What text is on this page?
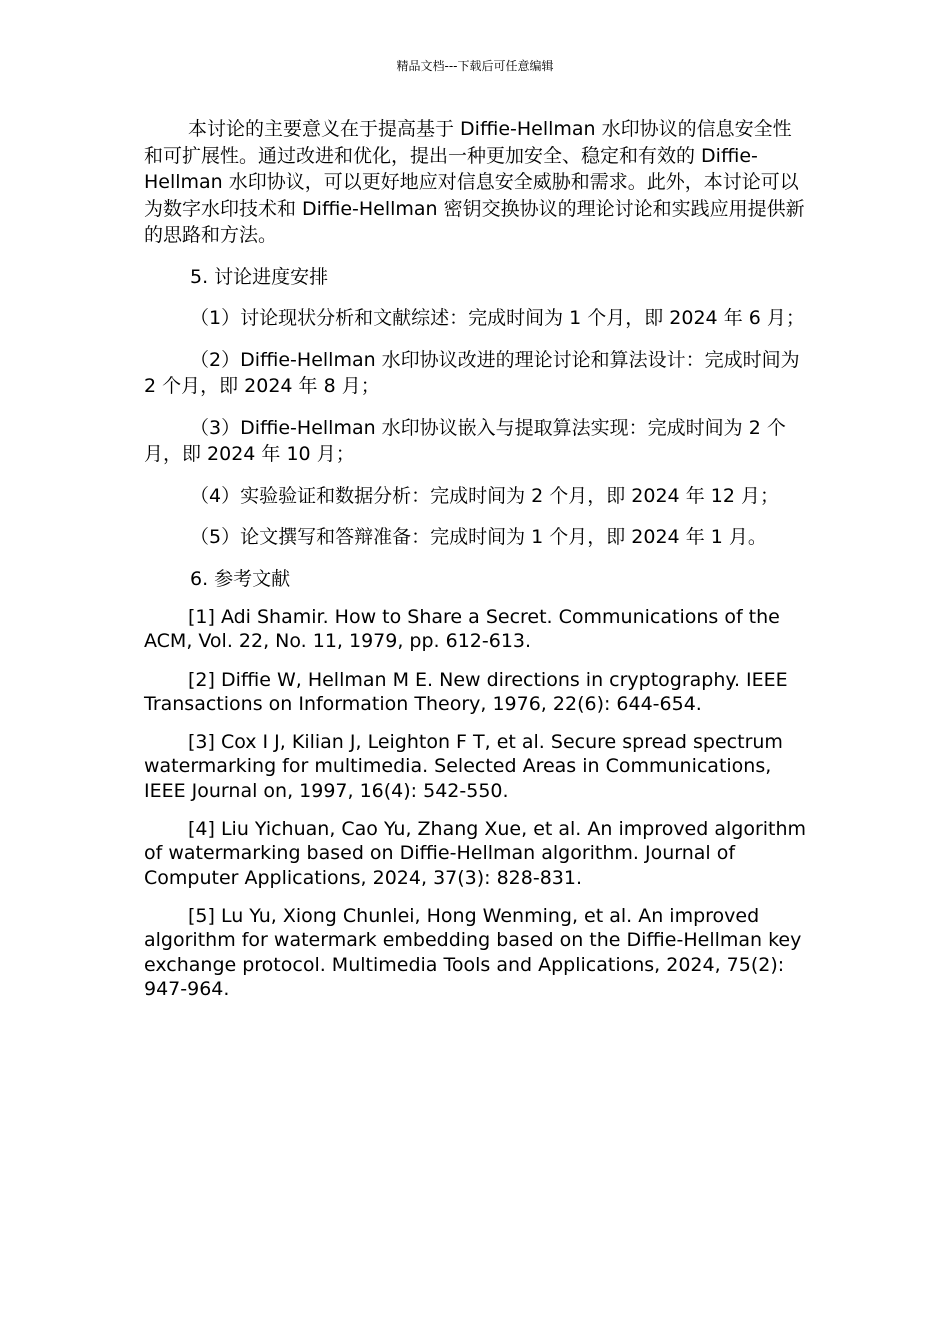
精品文档---下载后可任意编辑

本讨论的主要意义在于提高基于 Diffie-Hellman 水印协议的信息安全性和可扩展性。通过改进和优化，提出一种更加安全、稳定和有效的 Diffie-Hellman 水印协议，可以更好地应对信息安全威胁和需求。此外，本讨论可以为数字水印技术和 Diffie-Hellman 密钥交换协议的理论讨论和实践应用提供新的思路和方法。

5. 讨论进度安排

（1）讨论现状分析和文献综述：完成时间为 1 个月，即 2024 年 6 月；

（2）Diffie-Hellman 水印协议改进的理论讨论和算法设计：完成时间为 2 个月，即 2024 年 8 月；

（3）Diffie-Hellman 水印协议嵌入与提取算法实现：完成时间为 2 个月，即 2024 年 10 月；

（4）实验验证和数据分析：完成时间为 2 个月，即 2024 年 12 月；

（5）论文撰写和答辩准备：完成时间为 1 个月，即 2024 年 1 月。

6. 参考文献

[1] Adi Shamir. How to Share a Secret. Communications of the ACM, Vol. 22, No. 11, 1979, pp. 612-613.

[2] Diffie W, Hellman M E. New directions in cryptography. IEEE Transactions on Information Theory, 1976, 22(6): 644-654.

[3] Cox I J, Kilian J, Leighton F T, et al. Secure spread spectrum watermarking for multimedia. Selected Areas in Communications, IEEE Journal on, 1997, 16(4): 542-550.

[4] Liu Yichuan, Cao Yu, Zhang Xue, et al. An improved algorithm of watermarking based on Diffie-Hellman algorithm. Journal of Computer Applications, 2024, 37(3): 828-831.

[5] Lu Yu, Xiong Chunlei, Hong Wenming, et al. An improved algorithm for watermark embedding based on the Diffie-Hellman key exchange protocol. Multimedia Tools and Applications, 2024, 75(2): 947-964.
